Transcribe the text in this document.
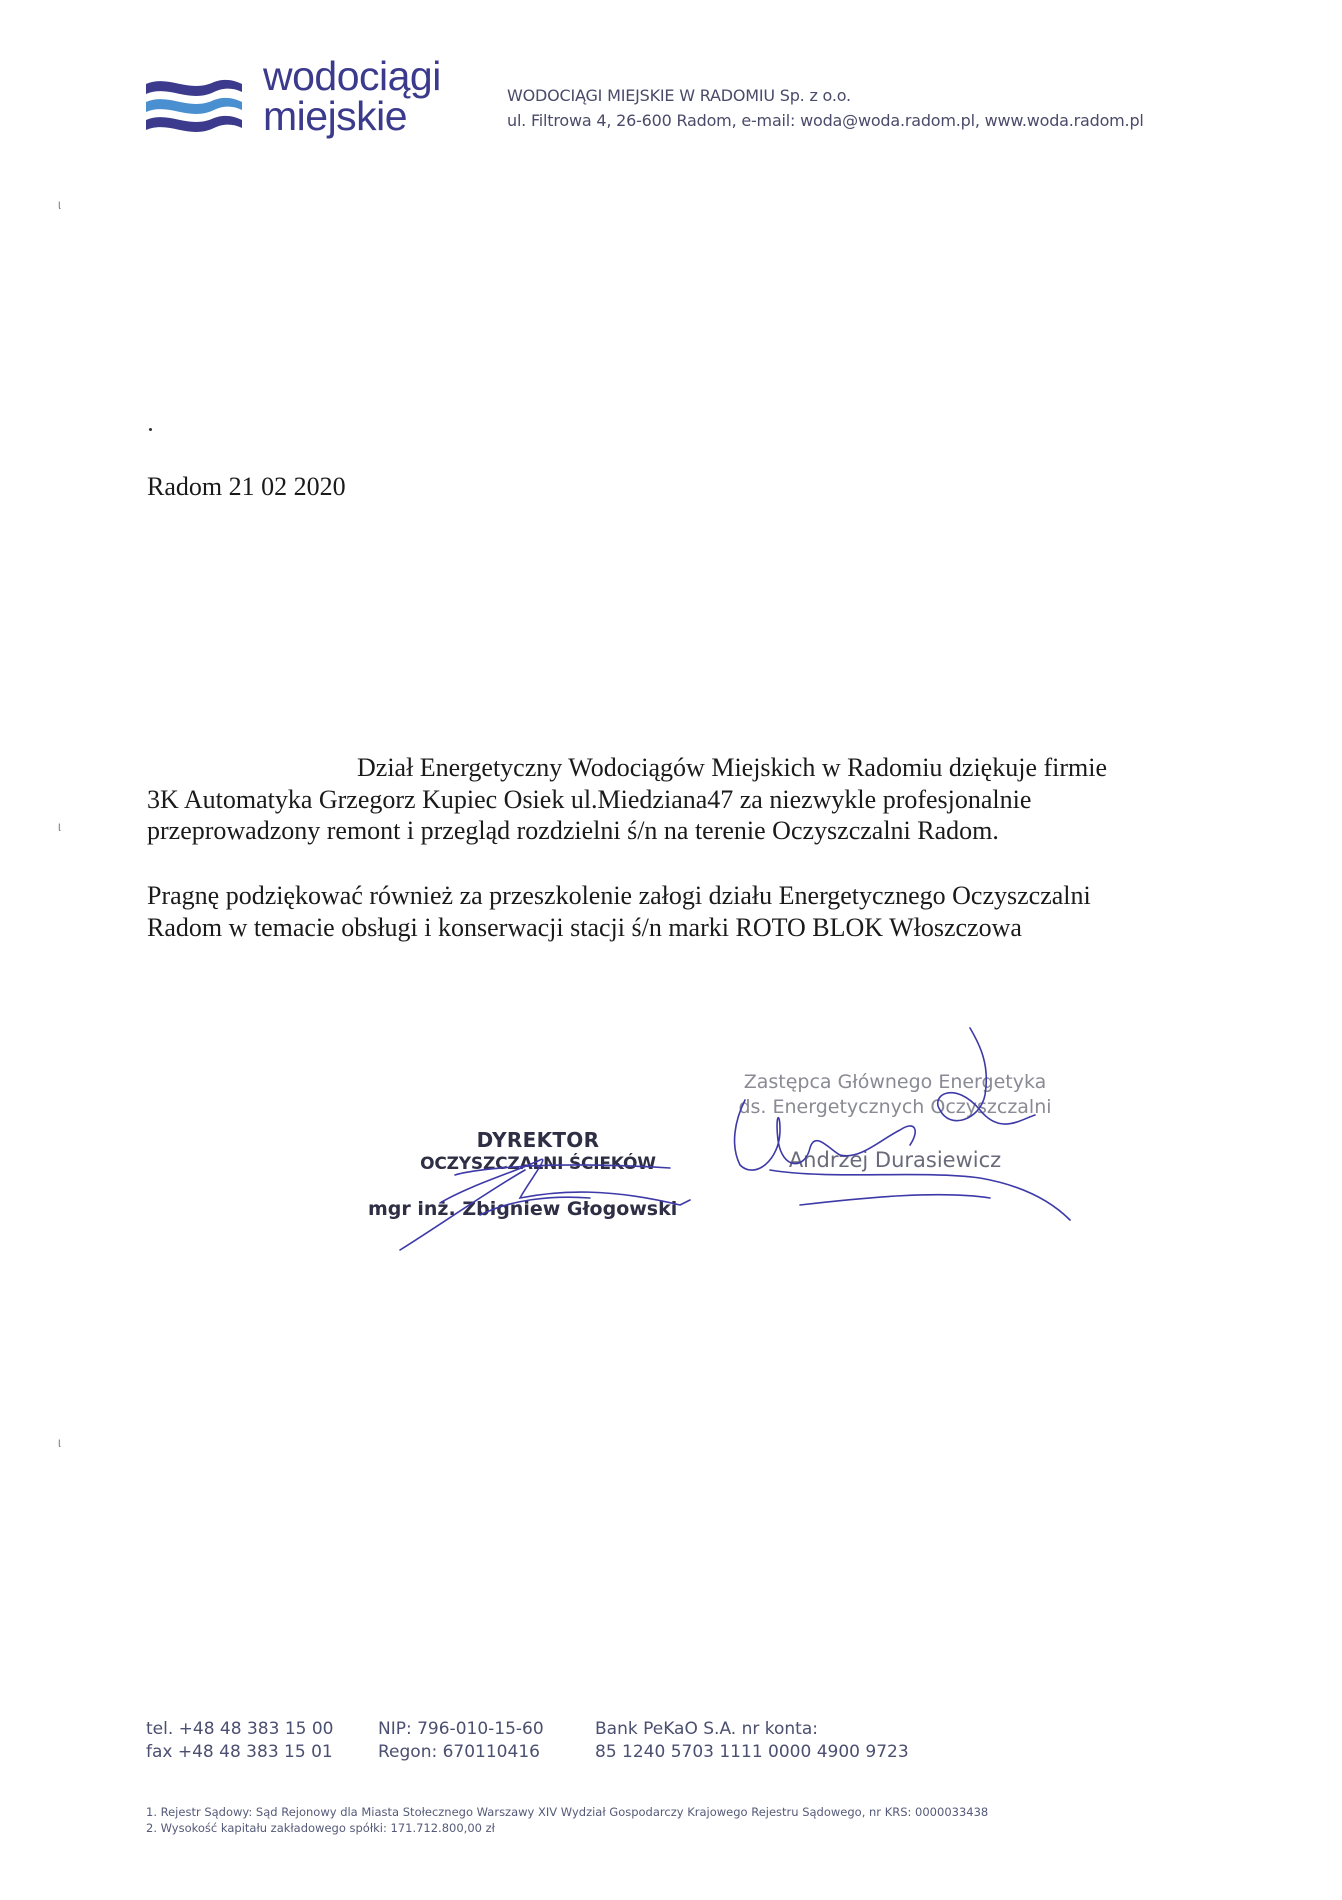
wodociągi
miejskie	WODOCIĄGI MIEJSKIE W RADOMIU Sp. z o.o.
ul. Filtrowa 4, 26-600 Radom, e-mail: woda@woda.radom.pl, www.woda.radom.pl
ᶩ
ᶩ
ᶩ
Radom 21 02 2020
Dział Energetyczny Wodociągów Miejskich w Radomiu dziękuje firmie
3K Automatyka Grzegorz Kupiec Osiek ul.Miedziana47 za niezwykle profesjonalnie
przeprowadzony remont i przegląd rozdzielni ś/n na terenie Oczyszczalni Radom.
Pragnę podziękować również za przeszkolenie załogi działu Energetycznego Oczyszczalni
Radom w temacie obsługi i konserwacji stacji ś/n marki ROTO BLOK Włoszczowa
DYREKTOR
OCZYSZCZALNI ŚCIEKÓW
mgr inż. Zbigniew Głogowski
Zastępca Głównego Energetyka
ds. Energetycznych Oczyszczalni
Andrzej Durasiewicz
tel. +48 48 383 15 00
fax +48 48 383 15 01
NIP: 796-010-15-60
Regon: 670110416
Bank PeKaO S.A. nr konta:
85 1240 5703 1111 0000 4900 9723
1. Rejestr Sądowy: Sąd Rejonowy dla Miasta Stołecznego Warszawy XIV Wydział Gospodarczy Krajowego Rejestru Sądowego, nr KRS: 0000033438
2. Wysokość kapitału zakładowego spółki: 171.712.800,00 zł
